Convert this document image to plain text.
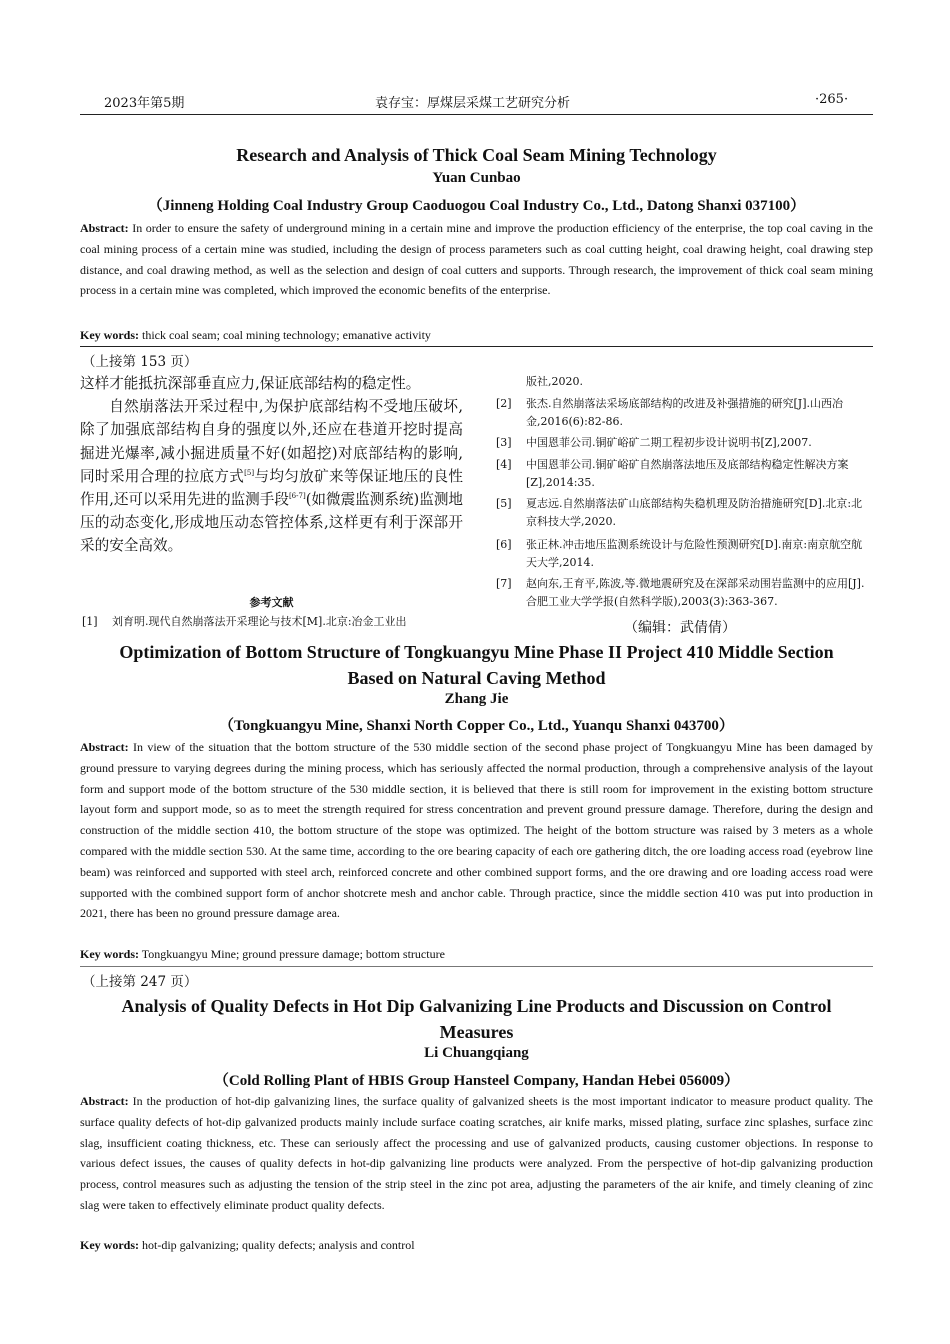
2023年第5期	袁存宝：厚煤层采煤工艺研究分析	·265·
Research and Analysis of Thick Coal Seam Mining Technology
Yuan Cunbao
（Jinneng Holding Coal Industry Group Caoduogou Coal Industry Co., Ltd., Datong Shanxi 037100）
Abstract: In order to ensure the safety of underground mining in a certain mine and improve the production efficiency of the enterprise, the top coal caving in the coal mining process of a certain mine was studied, including the design of process parameters such as coal cutting height, coal drawing height, coal drawing step distance, and coal drawing method, as well as the selection and design of coal cutters and supports. Through research, the improvement of thick coal seam mining process in a certain mine was completed, which improved the economic benefits of the enterprise.
Key words: thick coal seam; coal mining technology; emanative activity
（上接第 153 页）

这样才能抵抗深部垂直应力,保证底部结构的稳定性。

自然崩落法开采过程中,为保护底部结构不受地压破坏,除了加强底部结构自身的强度以外,还应在巷道开挖时提高掘进光爆率,减小掘进质量不好(如超挖)对底部结构的影响,同时采用合理的拉底方式[5]与均匀放矿来等保证地压的良性作用,还可以采用先进的监测手段[6-7](如微震监测系统)监测地压的动态变化,形成地压动态管控体系,这样更有利于深部开采的安全高效。

参考文献
[1] 刘育明.现代自然崩落法开采理论与技术[M].北京:冶金工业出
版社,2020.
[2] 张杰.自然崩落法采场底部结构的改进及补强措施的研究[J].山西冶金,2016(6):82-86.
[3] 中国恩菲公司.铜矿峪矿二期工程初步设计说明书[Z],2007.
[4] 中国恩菲公司.铜矿峪矿自然崩落法地压及底部结构稳定性解决方案[Z],2014:35.
[5] 夏志远.自然崩落法矿山底部结构失稳机理及防治措施研究[D].北京:北京科技大学,2020.
[6] 张正林.冲击地压监测系统设计与危险性预测研究[D].南京:南京航空航天大学,2014.
[7] 赵向东,王育平,陈波,等.微地震研究及在深部采动围岩监测中的应用[J].合肥工业大学学报(自然科学版),2003(3):363-367.
（编辑：武倩倩）
Optimization of Bottom Structure of Tongkuangyu Mine Phase II Project 410 Middle Section
Based on Natural Caving Method
Zhang Jie
（Tongkuangyu Mine, Shanxi North Copper Co., Ltd., Yuanqu Shanxi 043700）
Abstract: In view of the situation that the bottom structure of the 530 middle section of the second phase project of Tongkuangyu Mine has been damaged by ground pressure to varying degrees during the mining process, which has seriously affected the normal production, through a comprehensive analysis of the layout form and support mode of the bottom structure of the 530 middle section, it is believed that there is still room for improvement in the existing bottom structure layout form and support mode, so as to meet the strength required for stress concentration and prevent ground pressure damage. Therefore, during the design and construction of the middle section 410, the bottom structure of the stope was optimized. The height of the bottom structure was raised by 3 meters as a whole compared with the middle section 530. At the same time, according to the ore bearing capacity of each ore gathering ditch, the ore loading access road (eyebrow line beam) was reinforced and supported with steel arch, reinforced concrete and other combined support forms, and the ore drawing and ore loading access road were supported with the combined support form of anchor shotcrete mesh and anchor cable. Through practice, since the middle section 410 was put into production in 2021, there has been no ground pressure damage area.
Key words: Tongkuangyu Mine; ground pressure damage; bottom structure
（上接第 247 页）
Analysis of Quality Defects in Hot Dip Galvanizing Line Products and Discussion on Control
Measures
Li Chuangqiang
（Cold Rolling Plant of HBIS Group Hansteel Company, Handan Hebei 056009）
Abstract: In the production of hot-dip galvanizing lines, the surface quality of galvanized sheets is the most important indicator to measure product quality. The surface quality defects of hot-dip galvanized products mainly include surface coating scratches, air knife marks, missed plating, surface zinc splashes, surface zinc slag, insufficient coating thickness, etc. These can seriously affect the processing and use of galvanized products, causing customer objections. In response to various defect issues, the causes of quality defects in hot-dip galvanizing line products were analyzed. From the perspective of hot-dip galvanizing production process, control measures such as adjusting the tension of the strip steel in the zinc pot area, adjusting the parameters of the air knife, and timely cleaning of zinc slag were taken to effectively eliminate product quality defects.
Key words: hot-dip galvanizing; quality defects; analysis and control
